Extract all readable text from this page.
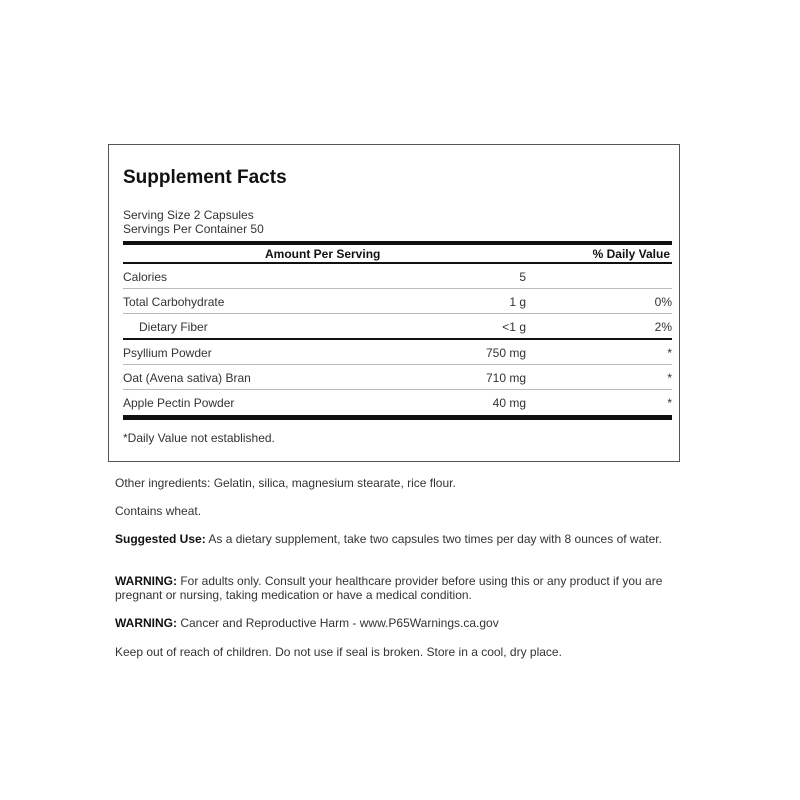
Supplement Facts
Serving Size 2 Capsules
Servings Per Container 50
Amount Per Serving	% Daily Value
Calories	5
Total Carbohydrate	1 g	0%
Dietary Fiber	<1 g	2%
Psyllium Powder	750 mg	*
Oat (Avena sativa) Bran	710 mg	*
Apple Pectin Powder	40 mg	*
*Daily Value not established.
Other ingredients: Gelatin, silica, magnesium stearate, rice flour.
Contains wheat.
Suggested Use: As a dietary supplement, take two capsules two times per day with 8 ounces of water.
WARNING: For adults only. Consult your healthcare provider before using this or any product if you are pregnant or nursing, taking medication or have a medical condition.
WARNING: Cancer and Reproductive Harm - www.P65Warnings.ca.gov
Keep out of reach of children. Do not use if seal is broken. Store in a cool, dry place.
